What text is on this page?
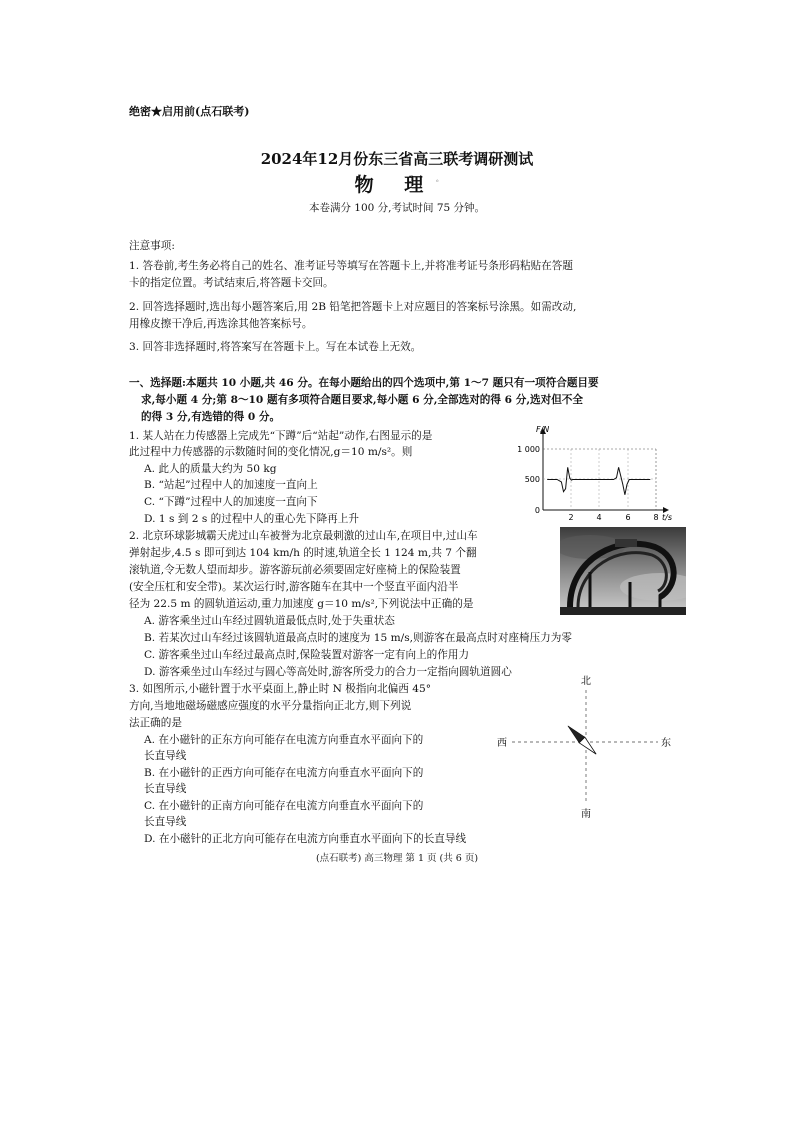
绝密★启用前(点石联考)
2024年12月份东三省高三联考调研测试
物 理◦
本卷满分 100 分,考试时间 75 分钟。
注意事项:
1. 答卷前,考生务必将自己的姓名、准考证号等填写在答题卡上,并将准考证号条形码粘贴在答题
卡的指定位置。考试结束后,将答题卡交回。
2. 回答选择题时,选出每小题答案后,用 2B 铅笔把答题卡上对应题目的答案标号涂黑。如需改动,
用橡皮擦干净后,再选涂其他答案标号。
3. 回答非选择题时,将答案写在答题卡上。写在本试卷上无效。
一、选择题:本题共 10 小题,共 46 分。在每小题给出的四个选项中,第 1～7 题只有一项符合题目要
求,每小题 4 分;第 8～10 题有多项符合题目要求,每小题 6 分,全部选对的得 6 分,选对但不全
的得 3 分,有选错的得 0 分。
1. 某人站在力传感器上完成先“下蹲”后“站起”动作,右图显示的是
此过程中力传感器的示数随时间的变化情况,g＝10 m/s²。则
A. 此人的质量大约为 50 kg
B. “站起”过程中人的加速度一直向上
C. “下蹲”过程中人的加速度一直向下
D. 1 s 到 2 s 的过程中人的重心先下降再上升
F/N
1 000
500
0
2	4	6	8 t/s
2. 北京环球影城霸天虎过山车被誉为北京最刺激的过山车,在项目中,过山车
弹射起步,4.5 s 即可到达 104 km/h 的时速,轨道全长 1 124 m,共 7 个翻
滚轨道,令无数人望而却步。游客游玩前必须要固定好座椅上的保险装置
(安全压杠和安全带)。某次运行时,游客随车在其中一个竖直平面内沿半
径为 22.5 m 的圆轨道运动,重力加速度 g＝10 m/s²,下列说法中正确的是
A. 游客乘坐过山车经过圆轨道最低点时,处于失重状态
B. 若某次过山车经过该圆轨道最高点时的速度为 15 m/s,则游客在最高点时对座椅压力为零
C. 游客乘坐过山车经过最高点时,保险装置对游客一定有向上的作用力
D. 游客乘坐过山车经过与圆心等高处时,游客所受力的合力一定指向圆轨道圆心
3. 如图所示,小磁针置于水平桌面上,静止时 N 极指向北偏西 45°
方向,当地地磁场磁感应强度的水平分量指向正北方,则下列说
法正确的是
A. 在小磁针的正东方向可能存在电流方向垂直水平面向下的
长直导线
B. 在小磁针的正西方向可能存在电流方向垂直水平面向下的
长直导线
C. 在小磁针的正南方向可能存在电流方向垂直水平面向下的
长直导线
D. 在小磁针的正北方向可能存在电流方向垂直水平面向下的长直导线
北
南
西	东
(点石联考) 高三物理 第 1 页 (共 6 页)
